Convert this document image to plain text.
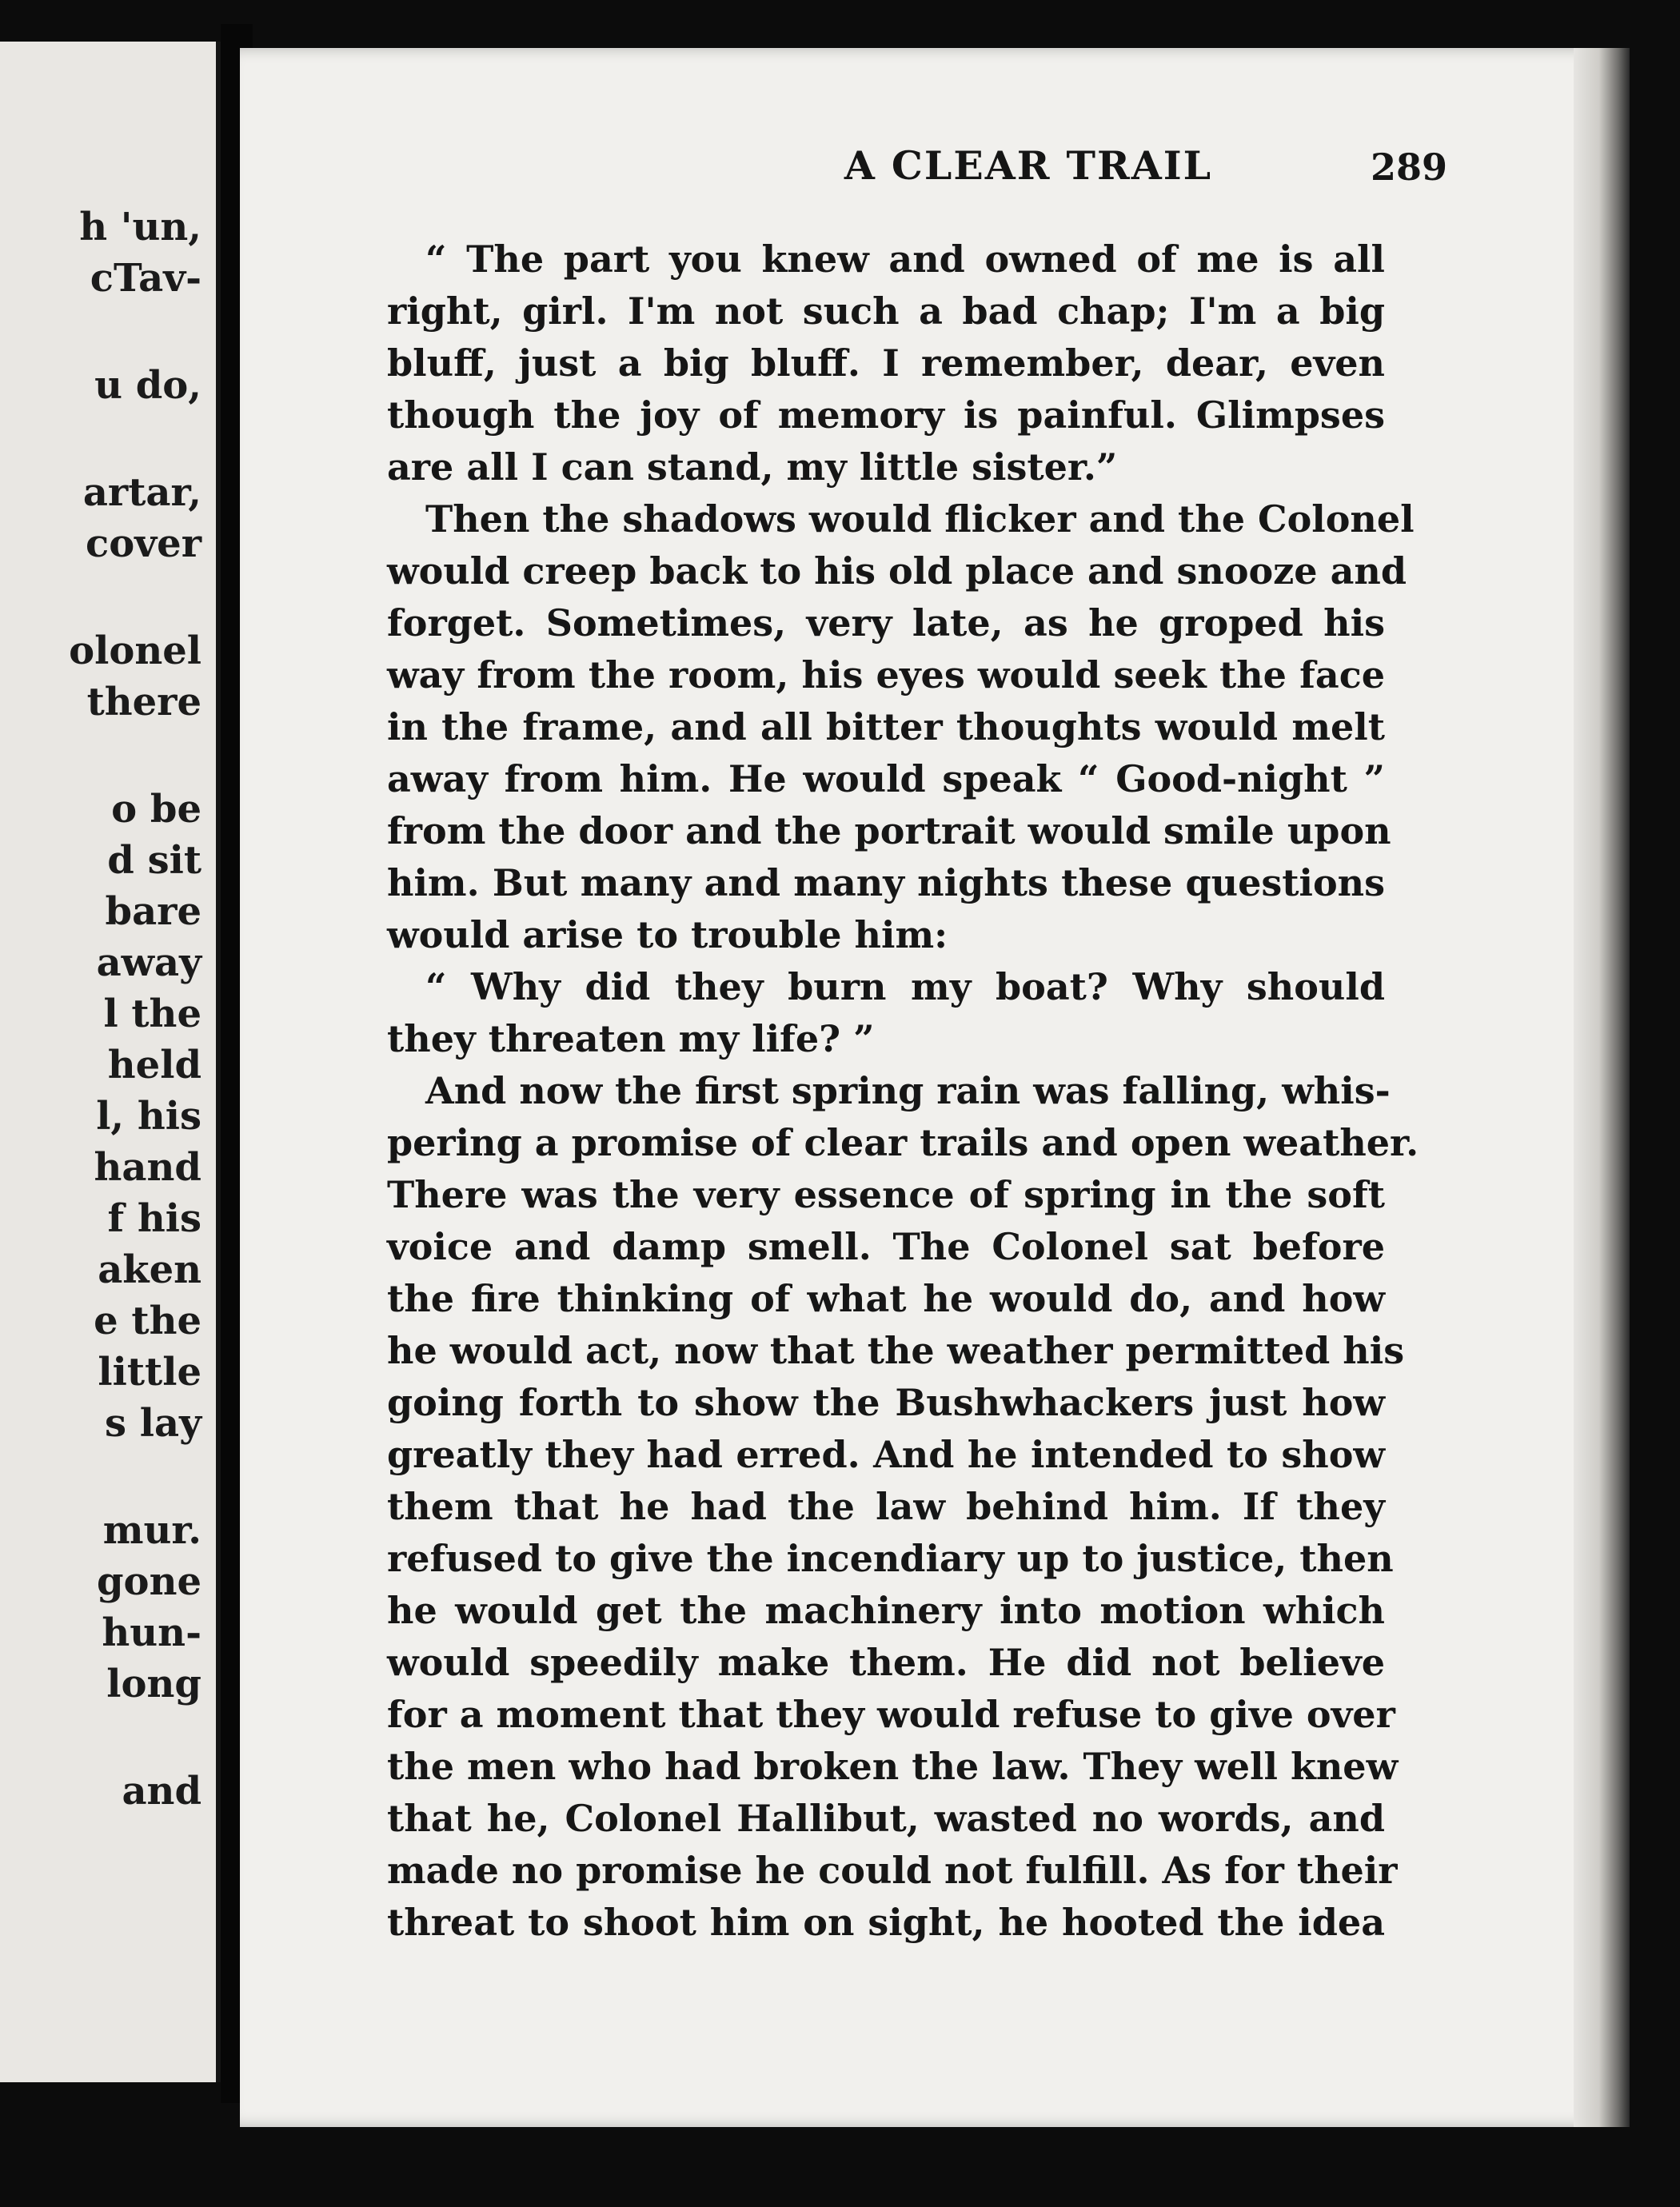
h 'un,
cTav-
u do,
artar,
cover
olonel
there
o be
d sit
bare
away
l the
held
l, his
hand
f his
aken
e the
little
s lay
mur.
gone
hun-
long
and
A CLEAR TRAIL	289
“ The part you knew and owned of me is all
right, girl. I'm not such a bad chap; I'm a big
bluff, just a big bluff. I remember, dear, even
though the joy of memory is painful. Glimpses
are all I can stand, my little sister.”
Then the shadows would flicker and the Colonel
would creep back to his old place and snooze and
forget. Sometimes, very late, as he groped his
way from the room, his eyes would seek the face
in the frame, and all bitter thoughts would melt
away from him. He would speak “ Good-night ”
from the door and the portrait would smile upon
him. But many and many nights these questions
would arise to trouble him:
“ Why did they burn my boat? Why should
they threaten my life? ”
And now the first spring rain was falling, whis-
pering a promise of clear trails and open weather.
There was the very essence of spring in the soft
voice and damp smell. The Colonel sat before
the fire thinking of what he would do, and how
he would act, now that the weather permitted his
going forth to show the Bushwhackers just how
greatly they had erred. And he intended to show
them that he had the law behind him. If they
refused to give the incendiary up to justice, then
he would get the machinery into motion which
would speedily make them. He did not believe
for a moment that they would refuse to give over
the men who had broken the law. They well knew
that he, Colonel Hallibut, wasted no words, and
made no promise he could not fulfill. As for their
threat to shoot him on sight, he hooted the idea
